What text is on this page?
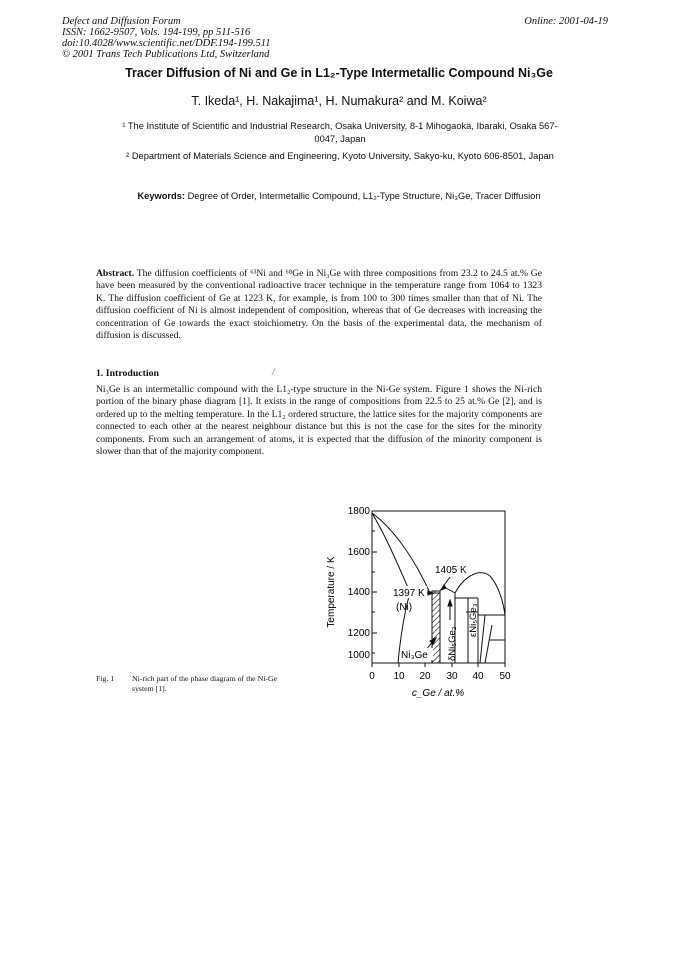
Defect and Diffusion Forum
ISSN: 1662-9507, Vols. 194-199, pp 511-516
doi:10.4028/www.scientific.net/DDF.194-199.511
© 2001 Trans Tech Publications Ltd, Switzerland
Online: 2001-04-19
Tracer Diffusion of Ni and Ge in L1₂-Type Intermetallic Compound Ni₃Ge
T. Ikeda¹, H. Nakajima¹, H. Numakura² and M. Koiwa²
¹ The Institute of Scientific and Industrial Research, Osaka University, 8-1 Mihogaoka, Ibaraki, Osaka 567-0047, Japan
² Department of Materials Science and Engineering, Kyoto University, Sakyo-ku, Kyoto 606-8501, Japan
Keywords: Degree of Order, Intermetallic Compound, L1₂-Type Structure, Ni₃Ge, Tracer Diffusion
Abstract. The diffusion coefficients of ⁶³Ni and ⁶⁸Ge in Ni₃Ge with three compositions from 23.2 to 24.5 at.% Ge have been measured by the conventional radioactive tracer technique in the temperature range from 1064 to 1323 K. The diffusion coefficient of Ge at 1223 K, for example, is from 100 to 300 times smaller than that of Ni. The diffusion coefficient of Ni is almost independent of composition, whereas that of Ge decreases with increasing the concentration of Ge towards the exact stoichiometry. On the basis of the experimental data, the mechanism of diffusion is discussed.
1. Introduction	/
Ni₃Ge is an intermetallic compound with the L1₂-type structure in the Ni-Ge system. Figure 1 shows the Ni-rich portion of the binary phase diagram [1]. It exists in the range of compositions from 22.5 to 25 at.% Ge [2], and is ordered up to the melting temperature. In the L1₂ ordered structure, the lattice sites for the majority components are connected to each other at the nearest neighbour distance but this is not the case for the sites for the minority components. From such an arrangement of atoms, it is expected that the diffusion of the minority component is slower than that of the majority component.
1800
1600
1400
1200
1000
0 10 20 30 40 50
Temperature / K
c_Ge / at.%
1405 K
1397 K
(Ni)
Ni₃Ge δNi₅Ge₂
εNi₅Ge₃
Fig. 1 Ni-rich part of the phase diagram of the Ni-Ge
system [1].
